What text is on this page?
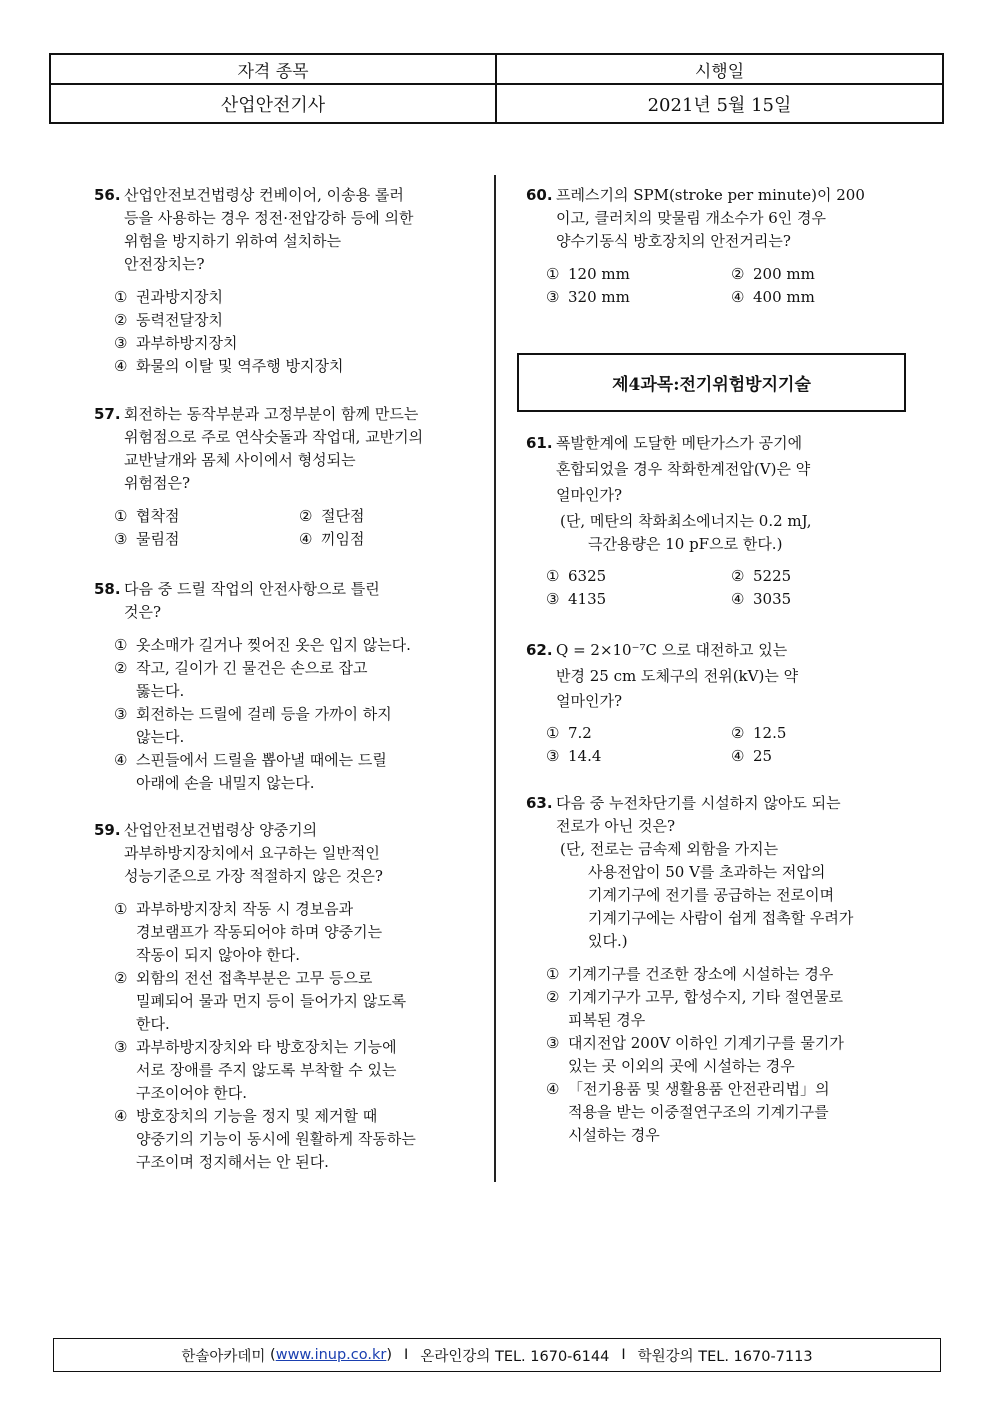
자격 종목	시행일
산업안전기사	2021년 5월 15일
56. 산업안전보건법령상 컨베이어, 이송용 롤러
등을 사용하는 경우 정전·전압강하 등에 의한
위험을 방지하기 위하여 설치하는
안전장치는?
① 권과방지장치
② 동력전달장치
③ 과부하방지장치
④ 화물의 이탈 및 역주행 방지장치
57. 회전하는 동작부분과 고정부분이 함께 만드는
위험점으로 주로 연삭숫돌과 작업대, 교반기의
교반날개와 몸체 사이에서 형성되는
위험점은?
① 협착점	② 절단점
③ 물림점	④ 끼임점
58. 다음 중 드릴 작업의 안전사항으로 틀린
것은?
① 옷소매가 길거나 찢어진 옷은 입지 않는다.
② 작고, 길이가 긴 물건은 손으로 잡고
뚫는다.
③ 회전하는 드릴에 걸레 등을 가까이 하지
않는다.
④ 스핀들에서 드릴을 뽑아낼 때에는 드릴
아래에 손을 내밀지 않는다.
59. 산업안전보건법령상 양중기의
과부하방지장치에서 요구하는 일반적인
성능기준으로 가장 적절하지 않은 것은?
① 과부하방지장치 작동 시 경보음과
경보램프가 작동되어야 하며 양중기는
작동이 되지 않아야 한다.
② 외함의 전선 접촉부분은 고무 등으로
밀폐되어 물과 먼지 등이 들어가지 않도록
한다.
③ 과부하방지장치와 타 방호장치는 기능에
서로 장애를 주지 않도록 부착할 수 있는
구조이어야 한다.
④ 방호장치의 기능을 정지 및 제거할 때
양중기의 기능이 동시에 원활하게 작동하는
구조이며 정지해서는 안 된다.
60. 프레스기의 SPM(stroke per minute)이 200
이고, 클러치의 맞물림 개소수가 6인 경우
양수기동식 방호장치의 안전거리는?
① 120 mm	② 200 mm
③ 320 mm	④ 400 mm
제4과목:전기위험방지기술
61. 폭발한계에 도달한 메탄가스가 공기에
혼합되었을 경우 착화한계전압(V)은 약
얼마인가?
(단, 메탄의 착화최소에너지는 0.2 mJ,
극간용량은 10 pF으로 한다.)
① 6325	② 5225
③ 4135	④ 3035
62. Q = 2×10⁻⁷C 으로 대전하고 있는
반경 25 cm 도체구의 전위(kV)는 약
얼마인가?
① 7.2	② 12.5
③ 14.4	④ 25
63. 다음 중 누전차단기를 시설하지 않아도 되는
전로가 아닌 것은?
(단, 전로는 금속제 외함을 가지는
사용전압이 50 V를 초과하는 저압의
기계기구에 전기를 공급하는 전로이며
기계기구에는 사람이 쉽게 접촉할 우려가
있다.)
① 기계기구를 건조한 장소에 시설하는 경우
② 기계기구가 고무, 합성수지, 기타 절연물로
피복된 경우
③ 대지전압 200V 이하인 기계기구를 물기가
있는 곳 이외의 곳에 시설하는 경우
④ 「전기용품 및 생활용품 안전관리법」의
적용을 받는 이중절연구조의 기계기구를
시설하는 경우
한솔아카데미 (www.inup.co.kr) I 온라인강의 TEL. 1670-6144 I 학원강의 TEL. 1670-7113
